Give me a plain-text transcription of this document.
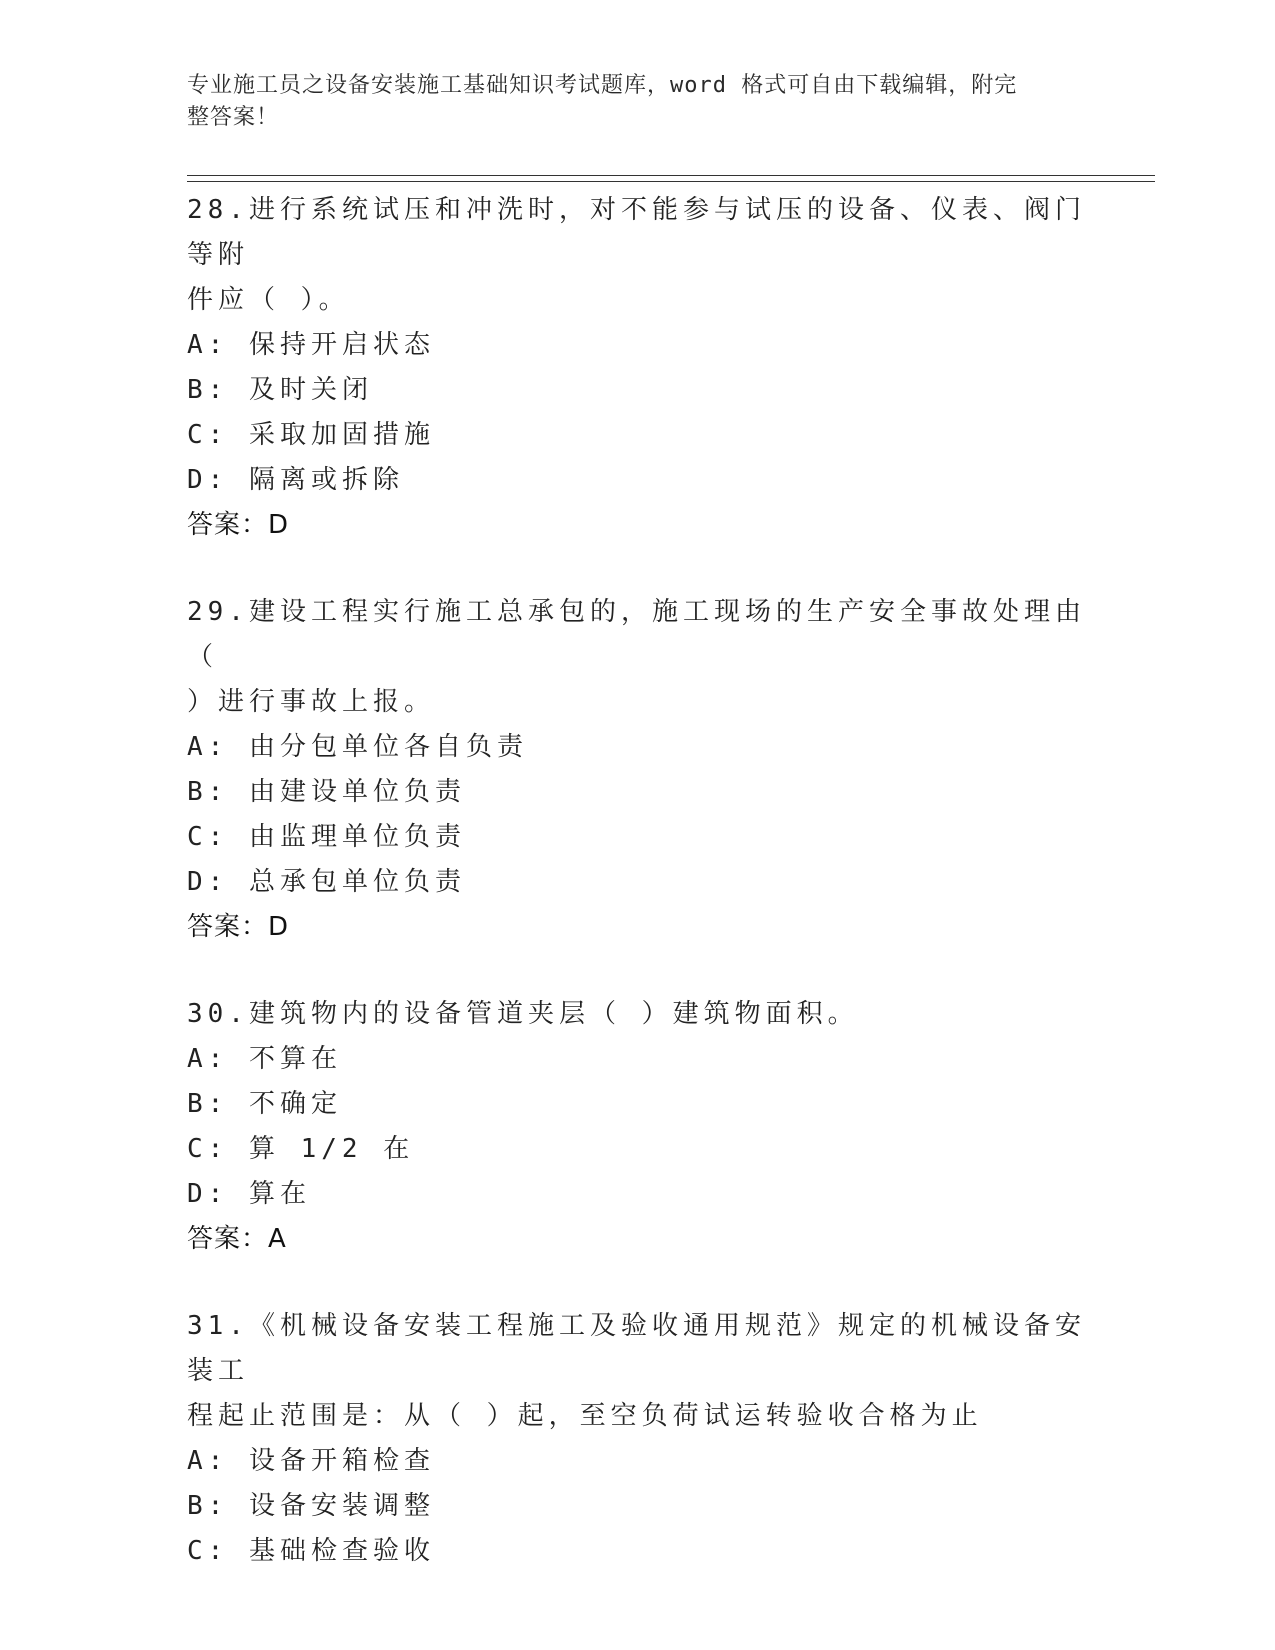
专业施工员之设备安装施工基础知识考试题库，word 格式可自由下载编辑，附完
整答案！
28.进行系统试压和冲洗时，对不能参与试压的设备、仪表、阀门等附
件应（ ）。
A: 保持开启状态
B: 及时关闭
C: 采取加固措施
D: 隔离或拆除
答案：D
29.建设工程实行施工总承包的，施工现场的生产安全事故处理由（
）进行事故上报。
A: 由分包单位各自负责
B: 由建设单位负责
C: 由监理单位负责
D: 总承包单位负责
答案：D
30.建筑物内的设备管道夹层（ ）建筑物面积。
A: 不算在
B: 不确定
C: 算 1/2 在
D: 算在
答案：A
31.《机械设备安装工程施工及验收通用规范》规定的机械设备安装工
程起止范围是：从（ ）起，至空负荷试运转验收合格为止
A: 设备开箱检查
B: 设备安装调整
C: 基础检查验收
